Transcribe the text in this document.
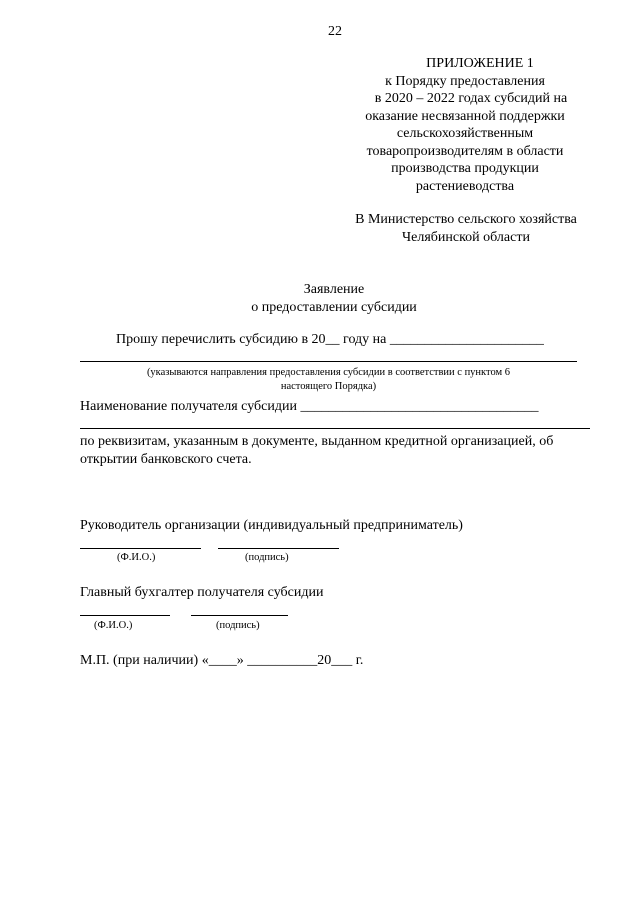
22
ПРИЛОЖЕНИЕ 1
к Порядку предоставления
в 2020 – 2022 годах субсидий на
оказание несвязанной поддержки
сельскохозяйственным
товаропроизводителям в области
производства продукции
растениеводства
В Министерство сельского хозяйства
Челябинской области
Заявление
о предоставлении субсидии
Прошу перечислить субсидию в 20__ году на ______________________
(указываются направления предоставления субсидии в соответствии с пунктом 6
настоящего Порядка)
Наименование получателя субсидии __________________________________
по реквизитам, указанным в документе, выданном кредитной организацией, об
открытии банковского счета.
Руководитель организации (индивидуальный предприниматель)
(Ф.И.О.)	(подпись)
Главный бухгалтер получателя субсидии
(Ф.И.О.)	(подпись)
М.П. (при наличии) «____» __________20___ г.
